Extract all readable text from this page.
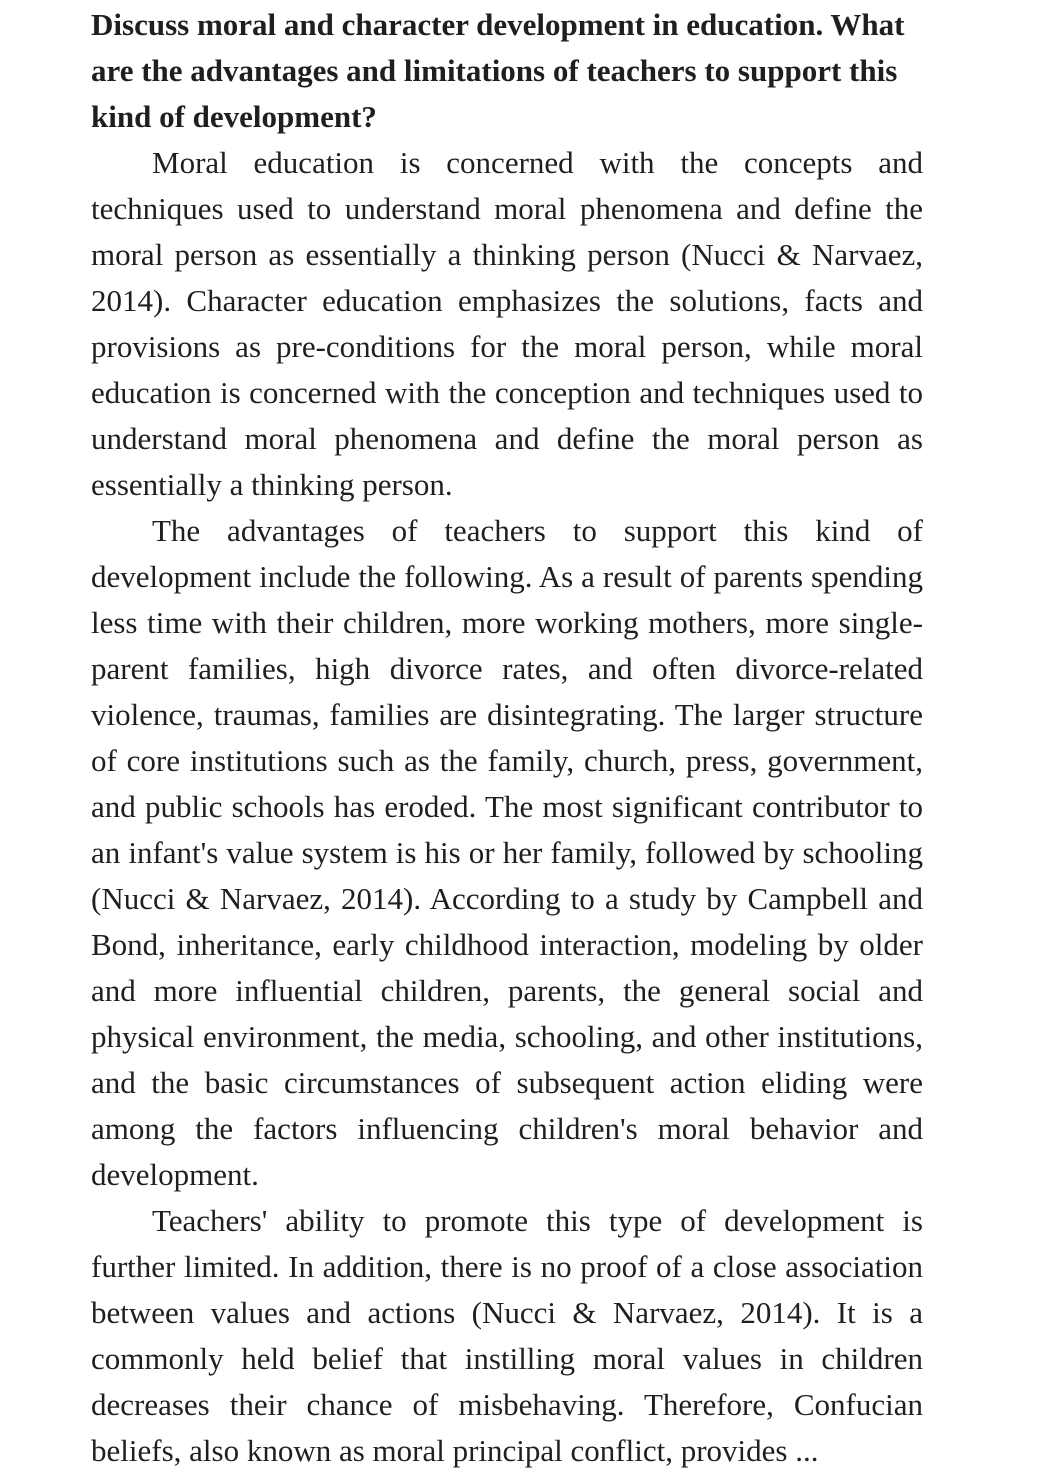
Discuss moral and character development in education. What are the advantages and limitations of teachers to support this kind of development?

Moral education is concerned with the concepts and techniques used to understand moral phenomena and define the moral person as essentially a thinking person (Nucci & Narvaez, 2014). Character education emphasizes the solutions, facts and provisions as pre-conditions for the moral person, while moral education is concerned with the conception and techniques used to understand moral phenomena and define the moral person as essentially a thinking person.

The advantages of teachers to support this kind of development include the following. As a result of parents spending less time with their children, more working mothers, more single-parent families, high divorce rates, and often divorce-related violence, traumas, families are disintegrating. The larger structure of core institutions such as the family, church, press, government, and public schools has eroded. The most significant contributor to an infant's value system is his or her family, followed by schooling (Nucci & Narvaez, 2014). According to a study by Campbell and Bond, inheritance, early childhood interaction, modeling by older and more influential children, parents, the general social and physical environment, the media, schooling, and other institutions, and the basic circumstances of subsequent action eliding were among the factors influencing children's moral behavior and development.

Teachers' ability to promote this type of development is further limited. In addition, there is no proof of a close association between values and actions (Nucci & Narvaez, 2014). It is a commonly held belief that instilling moral values in children decreases their chance of misbehaving. Therefore, Confucian beliefs, also known as moral principal conflict, provides ...
